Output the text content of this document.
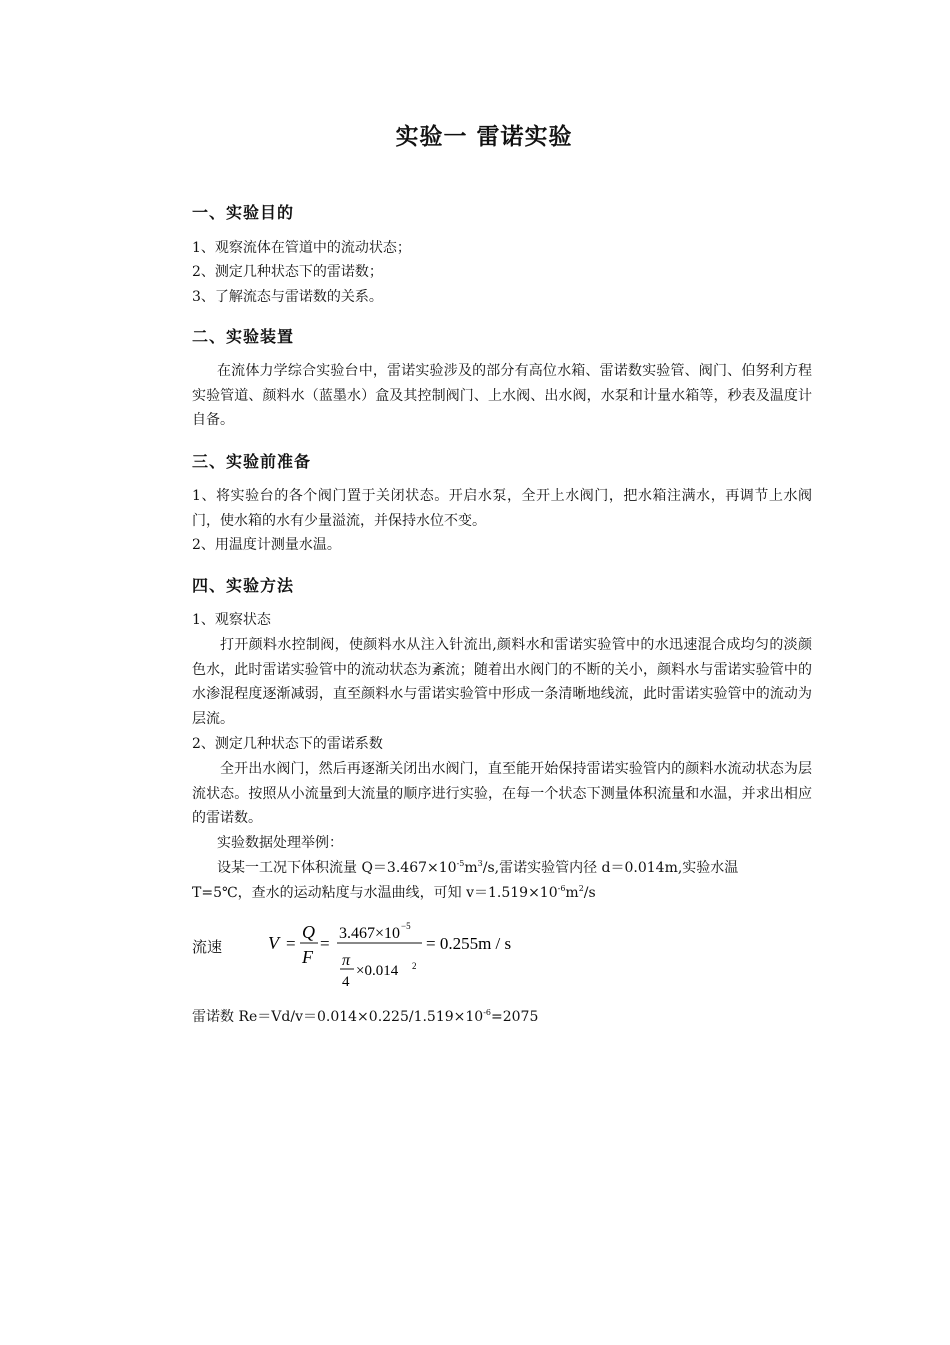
实验一 雷诺实验
一、实验目的
1、观察流体在管道中的流动状态；
2、测定几种状态下的雷诺数；
3、了解流态与雷诺数的关系。
二、实验装置
在流体力学综合实验台中，雷诺实验涉及的部分有高位水箱、雷诺数实验管、阀门、伯努利方程实验管道、颜料水（蓝墨水）盒及其控制阀门、上水阀、出水阀，水泵和计量水箱等，秒表及温度计自备。
三、实验前准备
1、将实验台的各个阀门置于关闭状态。开启水泵，全开上水阀门，把水箱注满水，再调节上水阀门，使水箱的水有少量溢流，并保持水位不变。
2、用温度计测量水温。
四、实验方法
1、观察状态
打开颜料水控制阀，使颜料水从注入针流出,颜料水和雷诺实验管中的水迅速混合成均匀的淡颜色水，此时雷诺实验管中的流动状态为紊流；随着出水阀门的不断的关小，颜料水与雷诺实验管中的水渗混程度逐渐减弱，直至颜料水与雷诺实验管中形成一条清晰地线流，此时雷诺实验管中的流动为层流。
2、测定几种状态下的雷诺系数
全开出水阀门，然后再逐渐关闭出水阀门，直至能开始保持雷诺实验管内的颜料水流动状态为层流状态。按照从小流量到大流量的顺序进行实验，在每一个状态下测量体积流量和水温，并求出相应的雷诺数。
实验数据处理举例：
设某一工况下体积流量 $Q=3.467\times 10^{-5}m^3/s$,雷诺实验管内径 d＝0.014m,实验水温
T=5℃，查水的运动粘度与水温曲线，可知 $v=1.519\times 10^{-6}m^2/s$
流速	V =
Q
F
=
3.467×10 −5
π
4
×0.014 2
= 0.255m / s
雷诺数 $Re=Vd/v=0.014\times 0.225/1.519\times 10^{-6}=2075$
